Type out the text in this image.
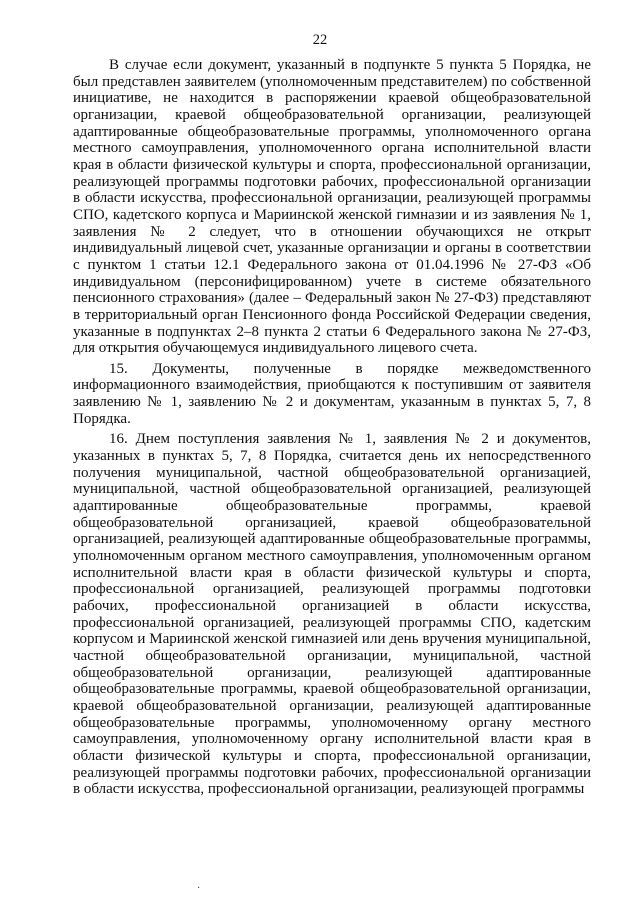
22

В случае если документ, указанный в подпункте 5 пункта 5 Порядка, не был представлен заявителем (уполномоченным представителем) по собственной инициативе, не находится в распоряжении краевой общеобразовательной организации, краевой общеобразовательной организации, реализующей адаптированные общеобразовательные программы, уполномоченного органа местного самоуправления, уполномоченного органа исполнительной власти края в области физической культуры и спорта, профессиональной организации, реализующей программы подготовки рабочих, профессиональной организации в области искусства, профессиональной организации, реализующей программы СПО, кадетского корпуса и Мариинской женской гимназии и из заявления № 1, заявления № 2 следует, что в отношении обучающихся не открыт индивидуальный лицевой счет, указанные организации и органы в соответствии с пунктом 1 статьи 12.1 Федерального закона от 01.04.1996 № 27-ФЗ «Об индивидуальном (персонифицированном) учете в системе обязательного пенсионного страхования» (далее – Федеральный закон № 27-ФЗ) представляют в территориальный орган Пенсионного фонда Российской Федерации сведения, указанные в подпунктах 2–8 пункта 2 статьи 6 Федерального закона № 27-ФЗ, для открытия обучающемуся индивидуального лицевого счета.

15. Документы, полученные в порядке межведомственного информационного взаимодействия, приобщаются к поступившим от заявителя заявлению № 1, заявлению № 2 и документам, указанным в пунктах 5, 7, 8 Порядка.

16. Днем поступления заявления № 1, заявления № 2 и документов, указанных в пунктах 5, 7, 8 Порядка, считается день их непосредственного получения муниципальной, частной общеобразовательной организацией, муниципальной, частной общеобразовательной организацией, реализующей адаптированные общеобразовательные программы, краевой общеобразовательной организацией, краевой общеобразовательной организацией, реализующей адаптированные общеобразовательные программы, уполномоченным органом местного самоуправления, уполномоченным органом исполнительной власти края в области физической культуры и спорта, профессиональной организацией, реализующей программы подготовки рабочих, профессиональной организацией в области искусства, профессиональной организацией, реализующей программы СПО, кадетским корпусом и Мариинской женской гимназией или день вручения муниципальной, частной общеобразовательной организации, муниципальной, частной общеобразовательной организации, реализующей адаптированные общеобразовательные программы, краевой общеобразовательной организации, краевой общеобразовательной организации, реализующей адаптированные общеобразовательные программы, уполномоченному органу местного самоуправления, уполномоченному органу исполнительной власти края в области физической культуры и спорта, профессиональной организации, реализующей программы подготовки рабочих, профессиональной организации в области искусства, профессиональной организации, реализующей программы

·
